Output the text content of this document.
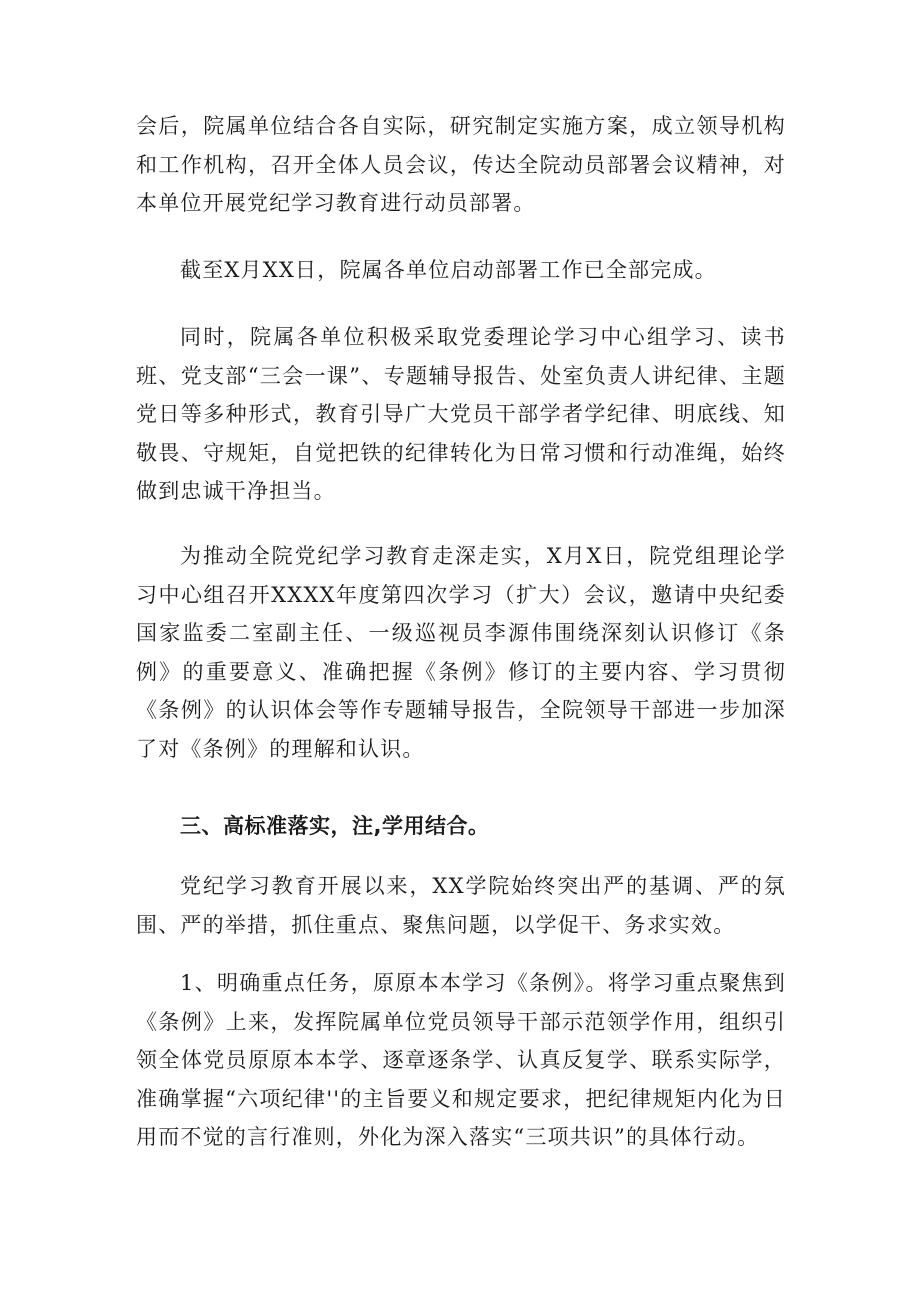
会后，院属单位结合各自实际，研究制定实施方案，成立领导机构和工作机构，召开全体人员会议，传达全院动员部署会议精神，对本单位开展党纪学习教育进行动员部署。

截至X月XX日，院属各单位启动部署工作已全部完成。

同时，院属各单位积极采取党委理论学习中心组学习、读书班、党支部“三会一课”、专题辅导报告、处室负责人讲纪律、主题党日等多种形式，教育引导广大党员干部学者学纪律、明底线、知敬畏、守规矩，自觉把铁的纪律转化为日常习惯和行动准绳，始终做到忠诚干净担当。

为推动全院党纪学习教育走深走实，X月X日，院党组理论学习中心组召开XXXX年度第四次学习（扩大）会议，邀请中央纪委国家监委二室副主任、一级巡视员李源伟围绕深刻认识修订《条例》的重要意义、准确把握《条例》修订的主要内容、学习贯彻《条例》的认识体会等作专题辅导报告，全院领导干部进一步加深了对《条例》的理解和认识。

三、高标准落实，注,学用结合。

党纪学习教育开展以来，XX学院始终突出严的基调、严的氛围、严的举措，抓住重点、聚焦问题，以学促干、务求实效。

1、明确重点任务，原原本本学习《条例》。将学习重点聚焦到《条例》上来，发挥院属单位党员领导干部示范领学作用，组织引领全体党员原原本本学、逐章逐条学、认真反复学、联系实际学，准确掌握“六项纪律''的主旨要义和规定要求，把纪律规矩内化为日用而不觉的言行准则，外化为深入落实“三项共识”的具体行动。
